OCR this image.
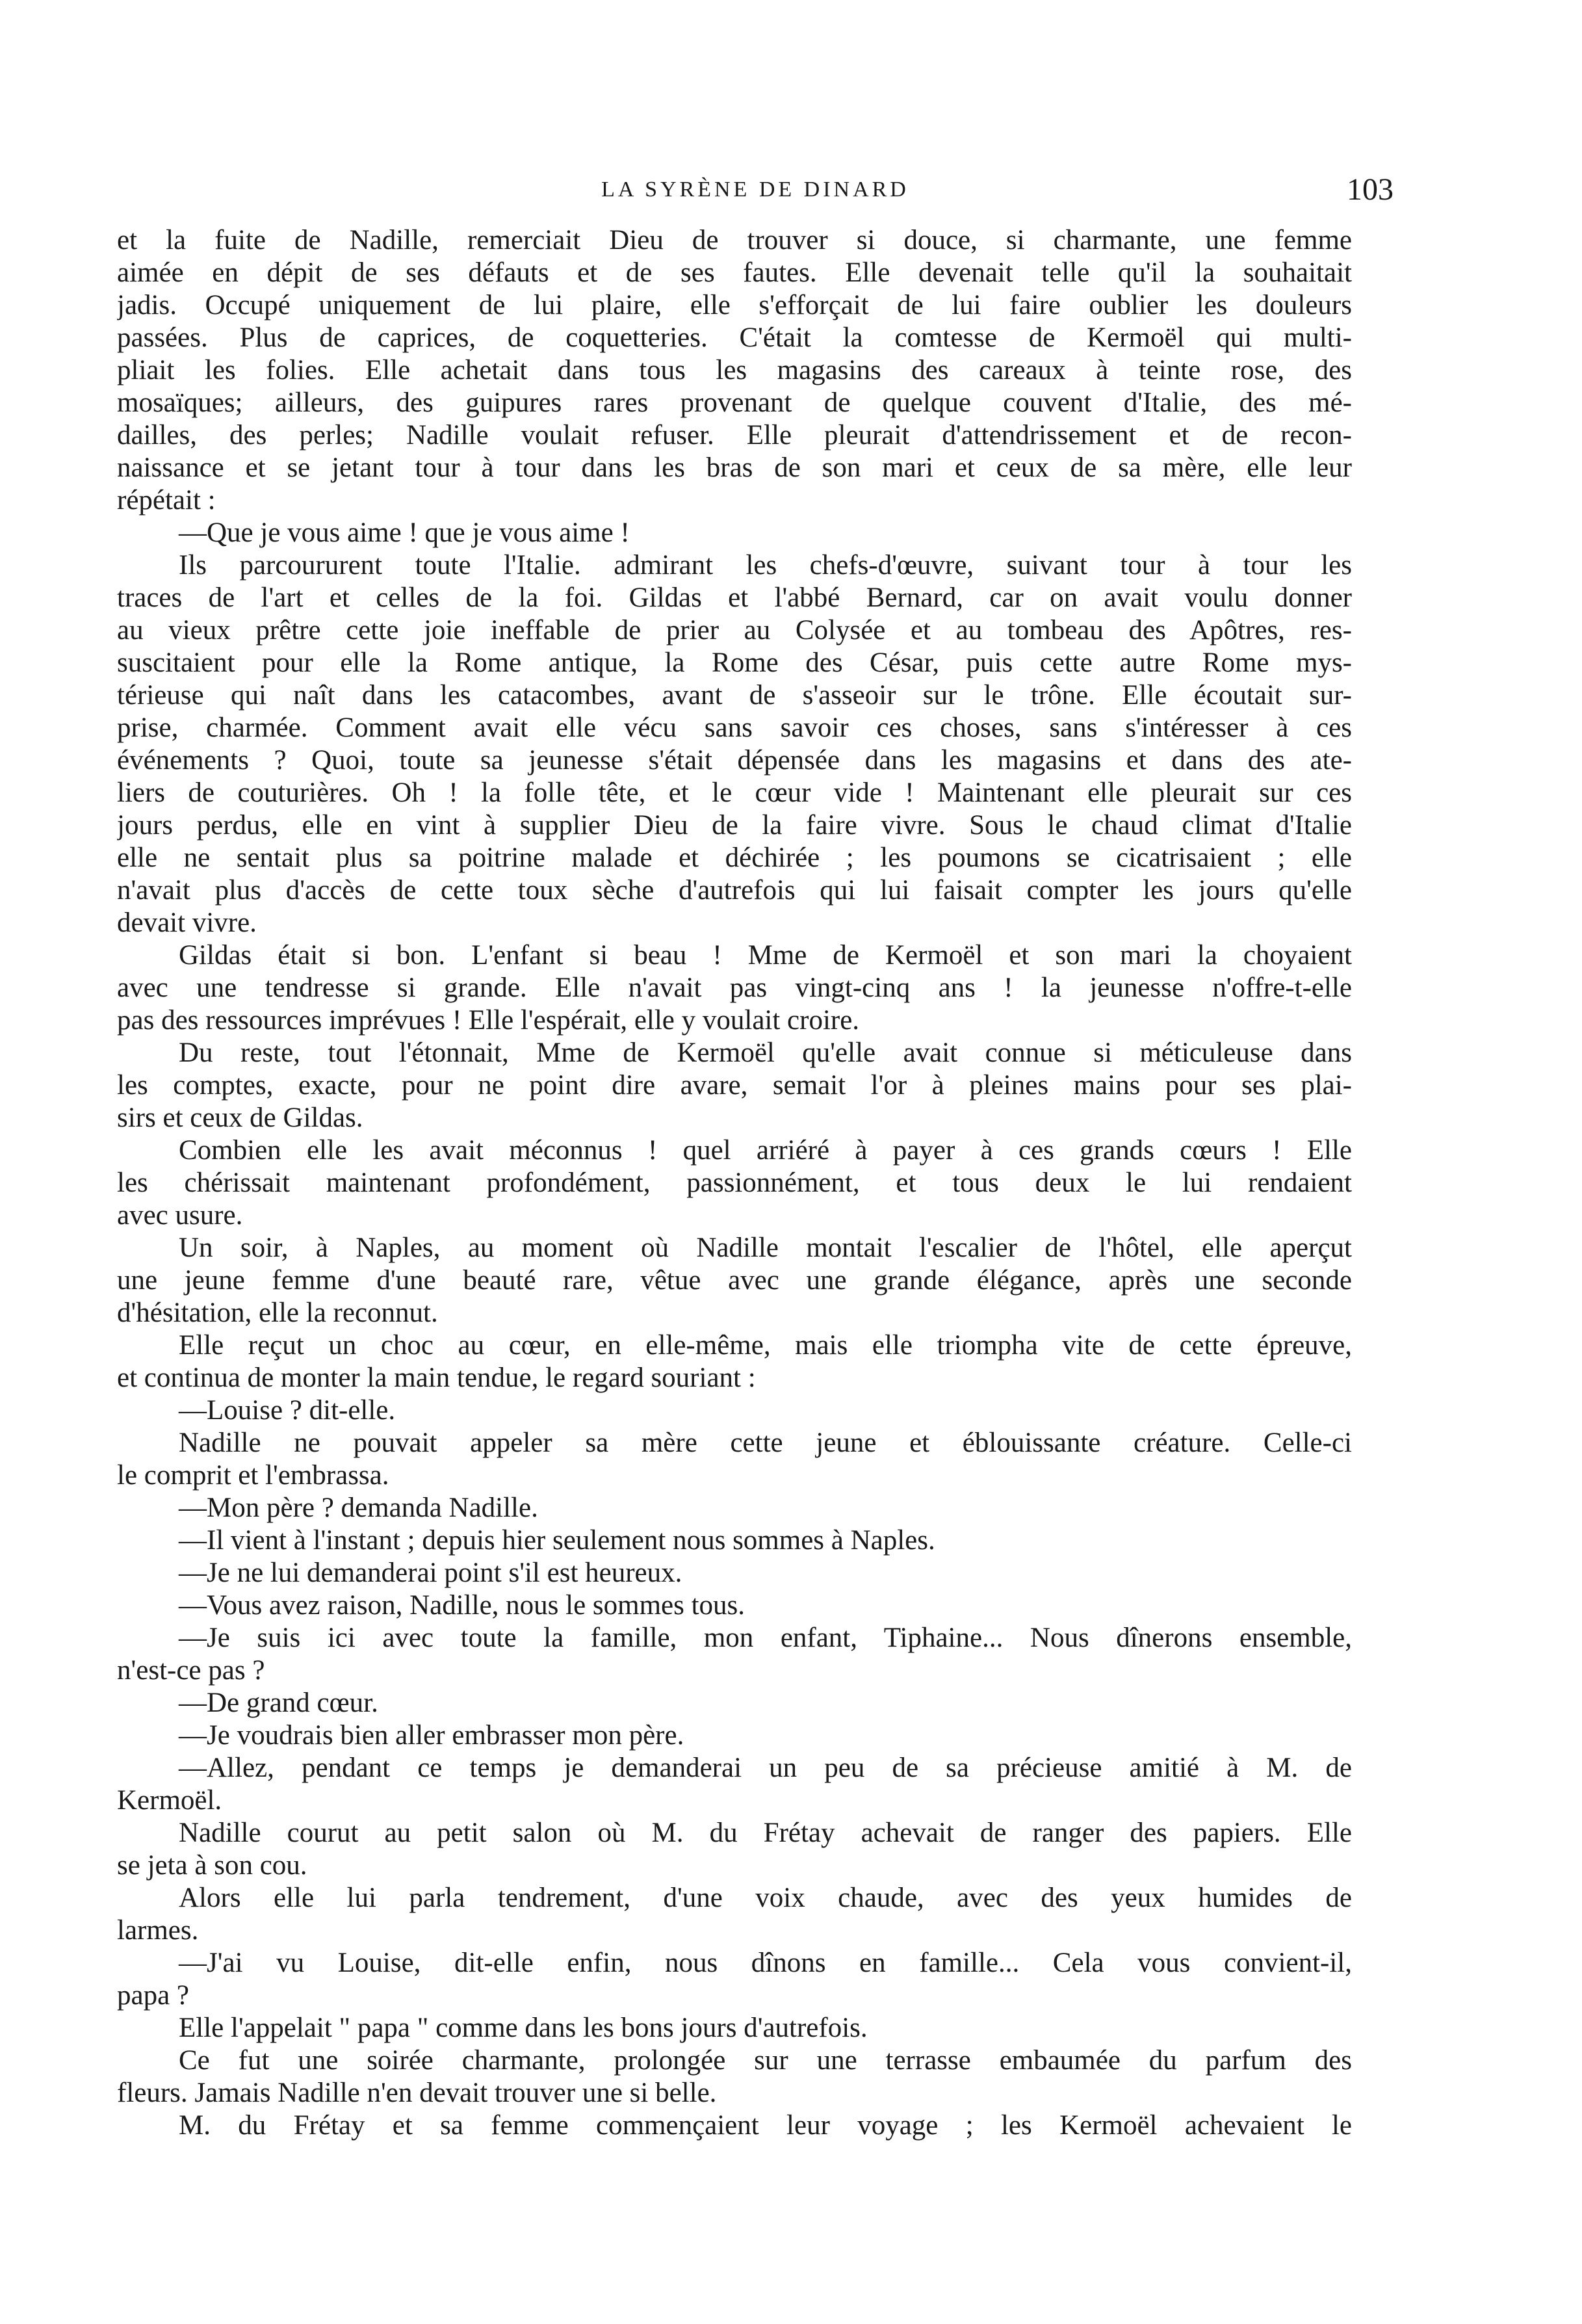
LA SYRÈNE DE DINARD	103
et la fuite de Nadille, remerciait Dieu de trouver si douce, si charmante, une femme
aimée en dépit de ses défauts et de ses fautes. Elle devenait telle qu'il la souhaitait
jadis. Occupé uniquement de lui plaire, elle s'efforçait de lui faire oublier les douleurs
passées. Plus de caprices, de coquetteries. C'était la comtesse de Kermoël qui multi-
pliait les folies. Elle achetait dans tous les magasins des careaux à teinte rose, des
mosaïques; ailleurs, des guipures rares provenant de quelque couvent d'Italie, des mé-
dailles, des perles; Nadille voulait refuser. Elle pleurait d'attendrissement et de recon-
naissance et se jetant tour à tour dans les bras de son mari et ceux de sa mère, elle leur
répétait :
—Que je vous aime ! que je vous aime !
Ils parcoururent toute l'Italie. admirant les chefs-d'œuvre, suivant tour à tour les
traces de l'art et celles de la foi. Gildas et l'abbé Bernard, car on avait voulu donner
au vieux prêtre cette joie ineffable de prier au Colysée et au tombeau des Apôtres, res-
suscitaient pour elle la Rome antique, la Rome des César, puis cette autre Rome mys-
térieuse qui naît dans les catacombes, avant de s'asseoir sur le trône. Elle écoutait sur-
prise, charmée. Comment avait elle vécu sans savoir ces choses, sans s'intéresser à ces
événements ? Quoi, toute sa jeunesse s'était dépensée dans les magasins et dans des ate-
liers de couturières. Oh ! la folle tête, et le cœur vide ! Maintenant elle pleurait sur ces
jours perdus, elle en vint à supplier Dieu de la faire vivre. Sous le chaud climat d'Italie
elle ne sentait plus sa poitrine malade et déchirée ; les poumons se cicatrisaient ; elle
n'avait plus d'accès de cette toux sèche d'autrefois qui lui faisait compter les jours qu'elle
devait vivre.
Gildas était si bon. L'enfant si beau ! Mme de Kermoël et son mari la choyaient
avec une tendresse si grande. Elle n'avait pas vingt-cinq ans ! la jeunesse n'offre-t-elle
pas des ressources imprévues ! Elle l'espérait, elle y voulait croire.
Du reste, tout l'étonnait, Mme de Kermoël qu'elle avait connue si méticuleuse dans
les comptes, exacte, pour ne point dire avare, semait l'or à pleines mains pour ses plai-
sirs et ceux de Gildas.
Combien elle les avait méconnus ! quel arriéré à payer à ces grands cœurs ! Elle
les chérissait maintenant profondément, passionnément, et tous deux le lui rendaient
avec usure.
Un soir, à Naples, au moment où Nadille montait l'escalier de l'hôtel, elle aperçut
une jeune femme d'une beauté rare, vêtue avec une grande élégance, après une seconde
d'hésitation, elle la reconnut.
Elle reçut un choc au cœur, en elle-même, mais elle triompha vite de cette épreuve,
et continua de monter la main tendue, le regard souriant :
—Louise ? dit-elle.
Nadille ne pouvait appeler sa mère cette jeune et éblouissante créature. Celle-ci
le comprit et l'embrassa.
—Mon père ? demanda Nadille.
—Il vient à l'instant ; depuis hier seulement nous sommes à Naples.
—Je ne lui demanderai point s'il est heureux.
—Vous avez raison, Nadille, nous le sommes tous.
—Je suis ici avec toute la famille, mon enfant, Tiphaine... Nous dînerons ensemble,
n'est-ce pas ?
—De grand cœur.
—Je voudrais bien aller embrasser mon père.
—Allez, pendant ce temps je demanderai un peu de sa précieuse amitié à M. de
Kermoël.
Nadille courut au petit salon où M. du Frétay achevait de ranger des papiers. Elle
se jeta à son cou.
Alors elle lui parla tendrement, d'une voix chaude, avec des yeux humides de
larmes.
—J'ai vu Louise, dit-elle enfin, nous dînons en famille... Cela vous convient-il,
papa ?
Elle l'appelait " papa " comme dans les bons jours d'autrefois.
Ce fut une soirée charmante, prolongée sur une terrasse embaumée du parfum des
fleurs. Jamais Nadille n'en devait trouver une si belle.
M. du Frétay et sa femme commençaient leur voyage ; les Kermoël achevaient le
